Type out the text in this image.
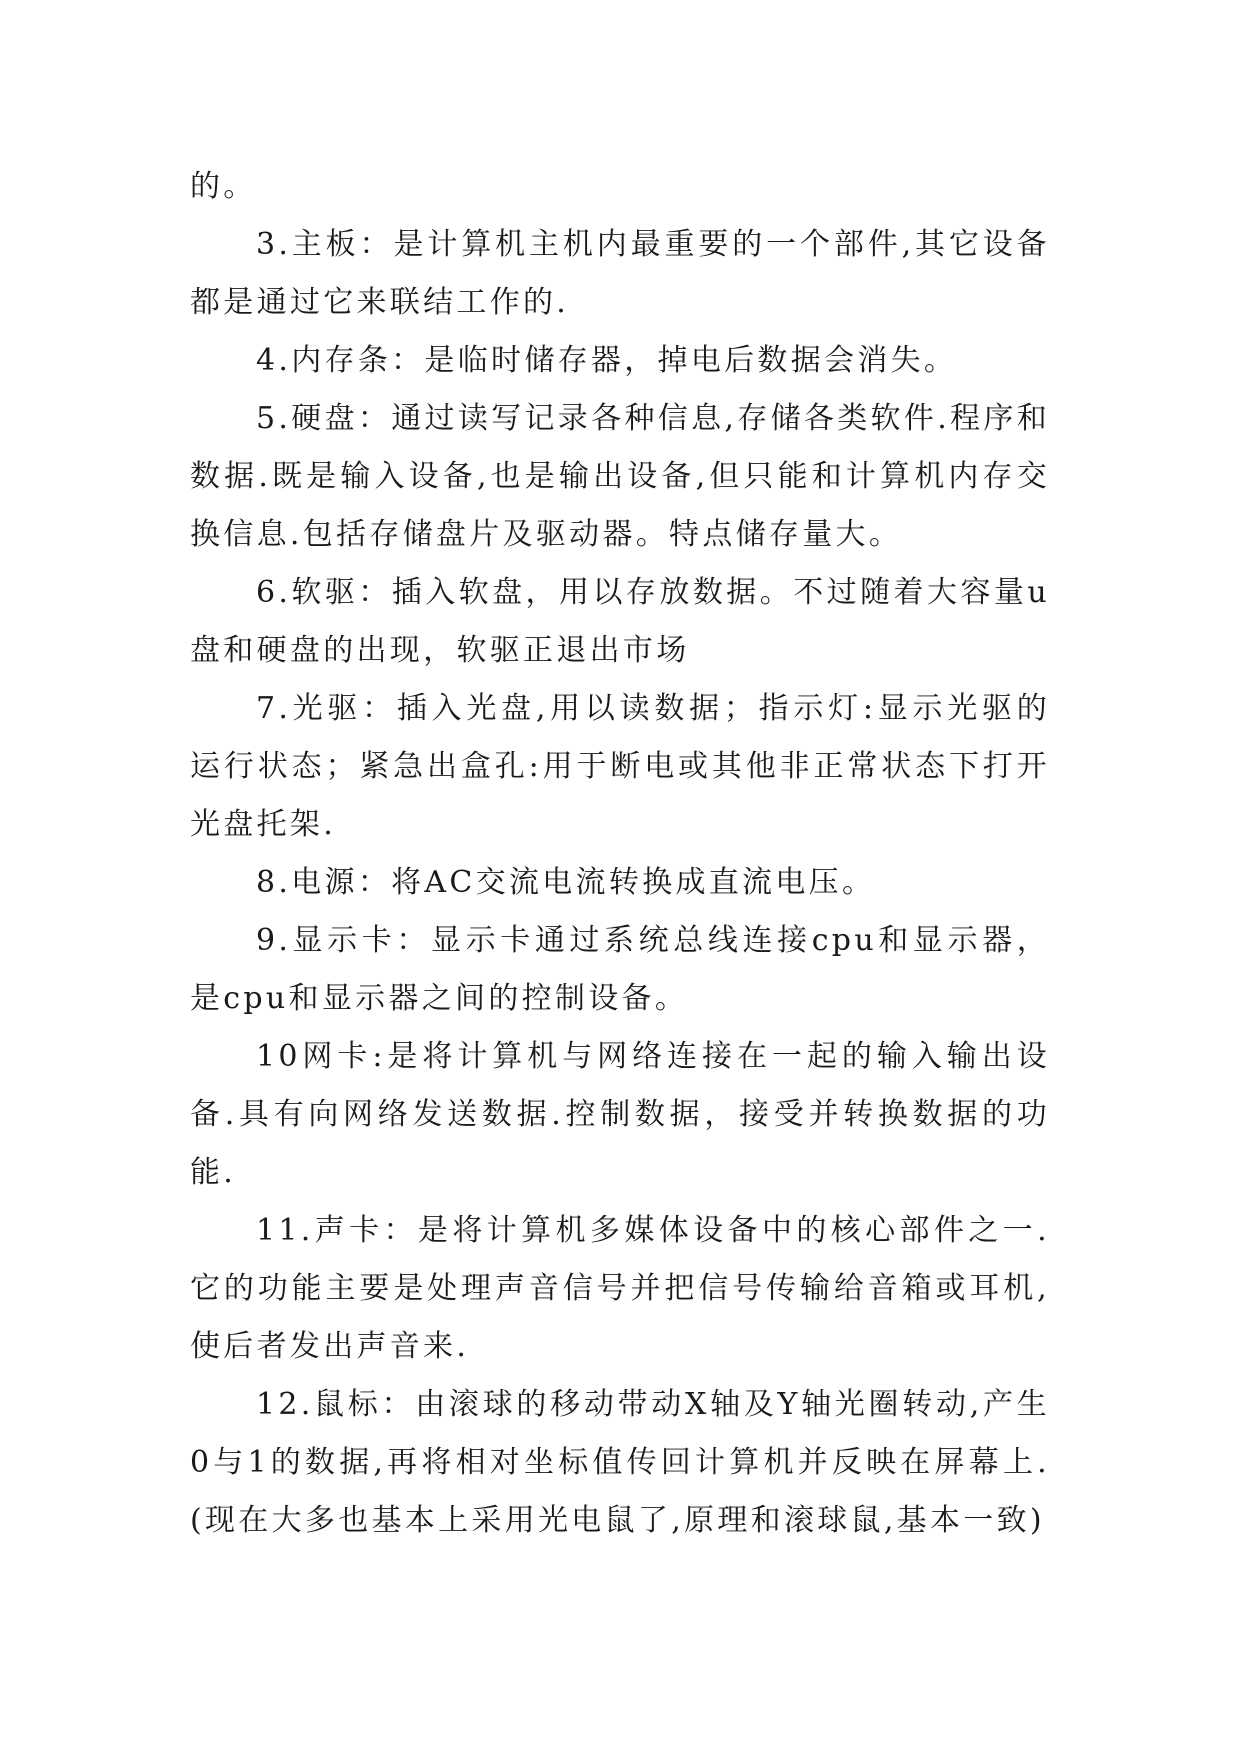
的。

3.主板：是计算机主机内最重要的一个部件,其它设备都是通过它来联结工作的.

4.内存条：是临时储存器，掉电后数据会消失。

5.硬盘：通过读写记录各种信息,存储各类软件.程序和数据.既是输入设备,也是输出设备,但只能和计算机内存交换信息.包括存储盘片及驱动器。特点储存量大。

6.软驱：插入软盘，用以存放数据。不过随着大容量u盘和硬盘的出现，软驱正退出市场

7.光驱：插入光盘,用以读数据；指示灯:显示光驱的运行状态；紧急出盒孔:用于断电或其他非正常状态下打开光盘托架.

8.电源：将AC交流电流转换成直流电压。

9.显示卡：显示卡通过系统总线连接cpu和显示器，是cpu和显示器之间的控制设备。

10网卡:是将计算机与网络连接在一起的输入输出设备.具有向网络发送数据.控制数据，接受并转换数据的功能.

11.声卡：是将计算机多媒体设备中的核心部件之一.它的功能主要是处理声音信号并把信号传输给音箱或耳机,使后者发出声音来.

12.鼠标：由滚球的移动带动X轴及Y轴光圈转动,产生0与1的数据,再将相对坐标值传回计算机并反映在屏幕上.(现在大多也基本上采用光电鼠了,原理和滚球鼠,基本一致)
